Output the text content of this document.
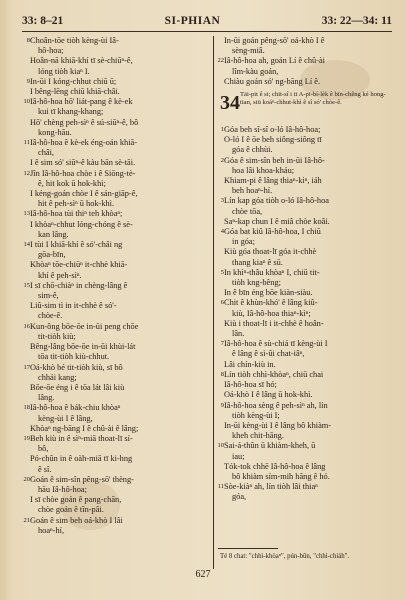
33: 8–21	SI-PHIAN	33: 22—34: 11
8 Choân-tōe tiòh kèng-ùi Iâ-
hô-hoa;
Hoân-nā khiā-khí tī sè-chiūⁿ-ê,
lóng tiòh kiaⁿ I.
9 In-ūi I kóng-chhut chiū ū;
I bêng-lēng chiū khiā-châi.
10 Iâ-hô-hoa hō' liát-pang ê kè-ek
kui tī khang-khang;
Hō' chèng peh-sìⁿ ê sú-siūⁿ-ê, bô
kong-hāu.
11 Iâ-hô-hoa ê kè-ek éng-oán khiā-
châi,
I ê sim só' siūⁿ-ê kàu bān sè-tāi.
12 Jîn Iâ-hô-hoa chòe i ê Siōng-tè-
ê, hit kok ū hok-khì;
I kéng-goán chòe I ê sán-giāp-ê,
hit ê peh-sìⁿ ū hok-khì.
13 Iâ-hô-hoa tùi thiⁿ teh khòaⁿ;
I khòaⁿ-chhut lóng-chóng ê sè-
kan lâng.
14 I tùi I khiā-khí ê só'-châi ng
gōa-bīn,
Khòaⁿ tōe-chiūⁿ it-chhè khiā-
khí ê peh-sìⁿ.
15 I sī chō-chiàⁿ in chèng-lâng ê
sim-ê,
Liû-sim tì in it-chhè ê só'-
chòe-ê.
16 Kun-ông bōe-ōe in-ūi peng chōe
tit-tiòh kiù;
Bêng-lâng bōe-ōe in-ūi khùi-lát
tōa tit-tiòh kiù-chhut.
17 Oá-khò bé tit-tiòh kiù, sī bô
chhái kang;
Bōe-ōe éng i ê tōa lát lâi kiù
lâng.
18 Iâ-hô-hoa ê bák-chiu khòaⁿ
kèng-ùi I ê lâng,
Khòaⁿ ng-bāng I ê chû-ài ê lâng;
19 Beh kiù in ê sìⁿ-miā thoat-lī sí-
bô,
Pó-chûn in ê oàh-miā tī ki-hng
ê sî.
20 Goán ê sim-sîn pêng-sō' thèng-
hāu Iâ-hô-hoa;
I sī chòe goán ê pang-chān,
chòe goán ê tîn-pâi.
21 Goán ê sim beh oá-khò I lâi
hoaⁿ-hí,
In-ūi goán pêng-sō' oá-khò I ê
sèng-miâ.
22 Iâ-hô-hoa ah, goán Lí ê chû-ài
lîm-kàu goán,
Chiàu goán só' ng-bāng Lí ê.
34 Tāi-pit ê si; chit-sî i tī A-pi-bí-lèk ê bīn-chêng ké hong-tian, siū koáⁿ-chhut-khì ê sî só' chòe-ê.
1 Góa beh sî-sî o-ló Iâ-hô-hoa;
O-ló I ê ōe beh siông-siông tī
góa ê chhùi.
2 Góa ê sim-sîn beh in-ūi Iâ-hô-
hoa lâi khoa-kháu;
Khiam-pi ê lâng thiaⁿ-kìⁿ, iáh
beh hoaⁿ-hí.
3 Lín kap góa tiòh o-ló Iâ-hô-hoa
chòe tōa,
Saⁿ-kap chun I ê miâ chòe koâi.
4 Góa bat kiû Iâ-hô-hoa, I chiū
in góa;
Kiù góa thoat-lī góa it-chhè
thang kiaⁿ ê sū.
5 In khìⁿ-thâu khòaⁿ I, chiū tit-
tiòh kng-bêng;
In ê bīn éng bōe kiàn-siàu.
6 Chit ê khùn-khó' ê lâng kiû-
kiù, Iâ-hô-hoa thiaⁿ-kìⁿ;
Kiù i thoat-lī i it-chhè ê hoân-
lân.
7 Iâ-hô-hoa ê sù-chiá tī kèng-ùi I
ê lâng ê sì-ûi chat-iâⁿ,
Lâi chín-kiù in.
8 Lín tiòh chhì-khòaⁿ, chiū chai
Iâ-hô-hoa sī hó;
Oá-khò I ê lâng ū hok-khì.
9 Iâ-hô-hoa sèng ê peh-sìⁿ ah, lín
tiòh kèng-ùi I;
In-ūi kèng-ùi I ê lâng bô khiàm-
kheh chit-hāng.
10 Sai-á-thûn ū khiàm-kheh, ū
iau;
Tók-tok chhē Iâ-hô-hoa ê lâng
bô khiàm sím-mih hāng ê hó.
11 Sòe-kiàⁿ ah, lín tiòh lâi thiaⁿ
góa,
Té 8 chat: "chhì-khòaⁿ", pún-bûn, "chhì-chiáh".
627
